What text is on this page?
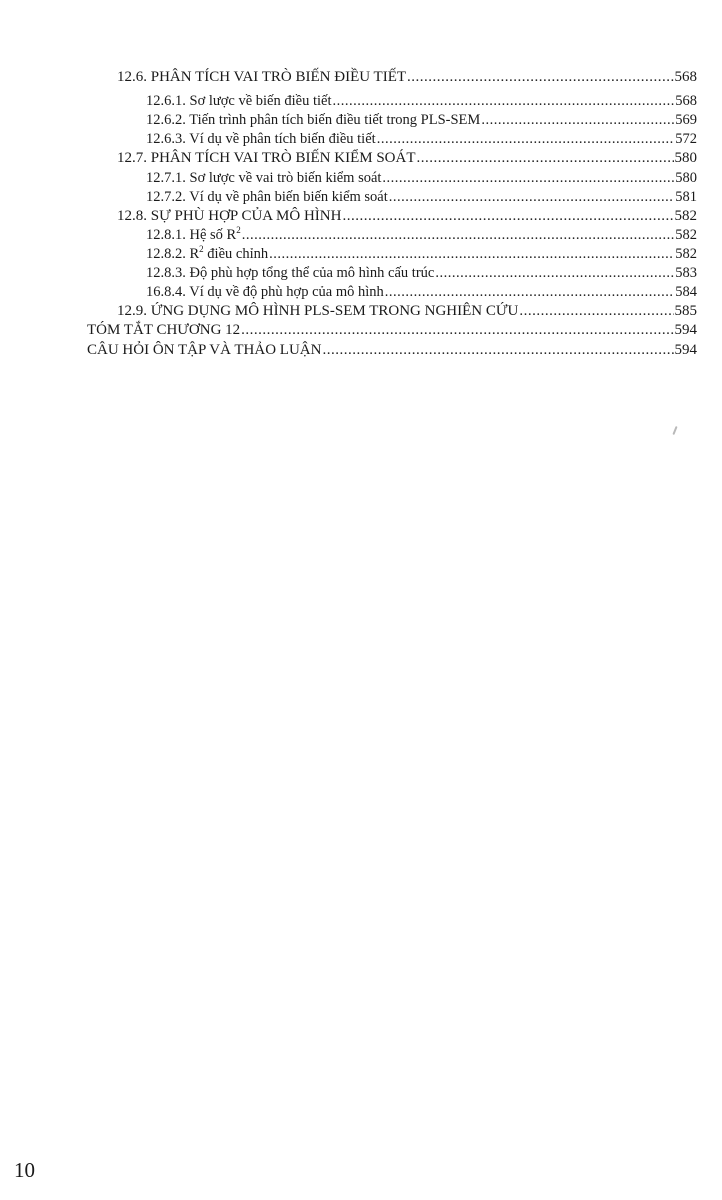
12.6. PHÂN TÍCH VAI TRÒ BIẾN ĐIỀU TIẾT .....	568
12.6.1. Sơ lược về biến điều tiết .....	568
12.6.2. Tiến trình phân tích biến điều tiết trong PLS-SEM .....	569
12.6.3. Ví dụ về phân tích biến điều tiết .....	572
12.7. PHÂN TÍCH VAI TRÒ BIẾN KIỂM SOÁT .....	580
12.7.1. Sơ lược về vai trò biến kiểm soát .....	580
12.7.2. Ví dụ về phân biến biến kiểm soát .....	581
12.8. SỰ PHÙ HỢP CỦA MÔ HÌNH .....	582
12.8.1. Hệ số $R^2$ .....	582
12.8.2. $R^2$ điều chỉnh .....	582
12.8.3. Độ phù hợp tổng thể của mô hình cấu trúc .....	583
16.8.4. Ví dụ về độ phù hợp của mô hình .....	584
12.9. ỨNG DỤNG MÔ HÌNH PLS-SEM TRONG NGHIÊN CỨU .....	585
TÓM TẮT CHƯƠNG 12 .....	594
CÂU HỎI ÔN TẬP VÀ THẢO LUẬN .....	594
10
